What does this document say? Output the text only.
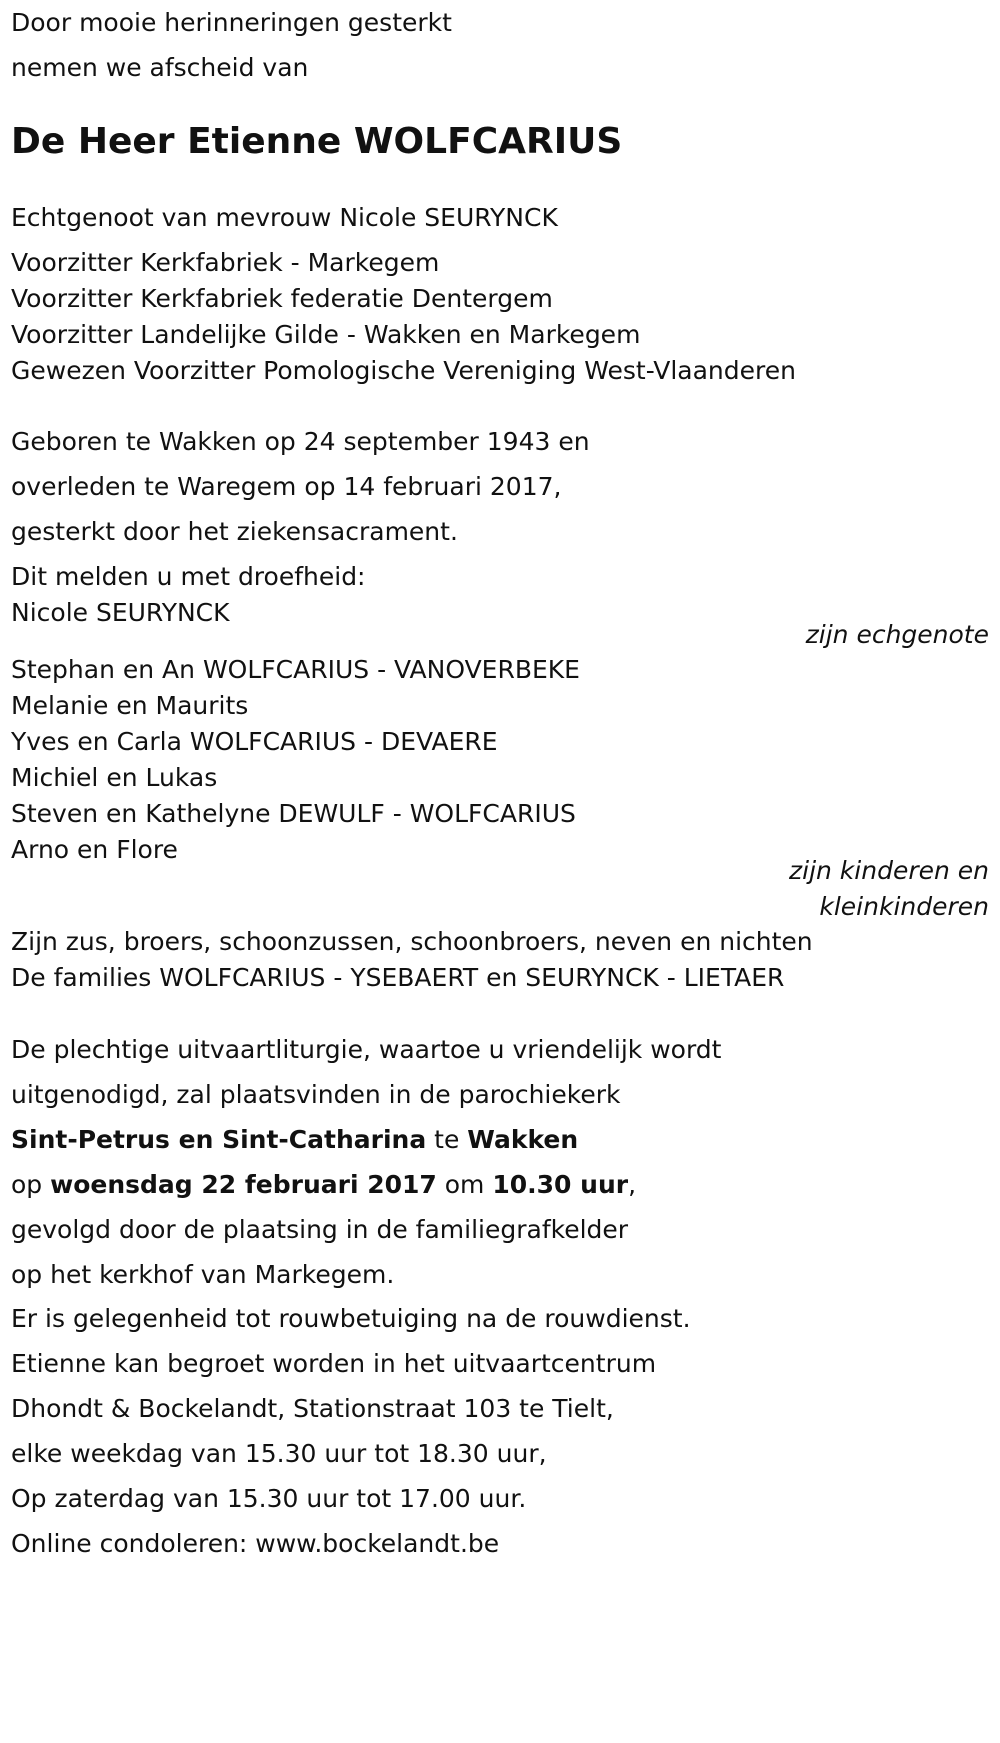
Door mooie herinneringen gesterkt
nemen we afscheid van
De Heer Etienne WOLFCARIUS
Echtgenoot van mevrouw Nicole SEURYNCK
Voorzitter Kerkfabriek - Markegem
Voorzitter Kerkfabriek federatie Dentergem
Voorzitter Landelijke Gilde - Wakken en Markegem
Gewezen Voorzitter Pomologische Vereniging West-Vlaanderen
Geboren te Wakken op 24 september 1943 en
overleden te Waregem op 14 februari 2017,
gesterkt door het ziekensacrament.
Dit melden u met droefheid:
Nicole SEURYNCK
zijn echgenote
Stephan en An WOLFCARIUS - VANOVERBEKE
Melanie en Maurits
Yves en Carla WOLFCARIUS - DEVAERE
Michiel en Lukas
Steven en Kathelyne DEWULF - WOLFCARIUS
Arno en Flore
zijn kinderen en
kleinkinderen
Zijn zus, broers, schoonzussen, schoonbroers, neven en nichten
De families WOLFCARIUS - YSEBAERT en SEURYNCK - LIETAER
De plechtige uitvaartliturgie, waartoe u vriendelijk wordt
uitgenodigd, zal plaatsvinden in de parochiekerk
Sint-Petrus en Sint-Catharina te Wakken
op woensdag 22 februari 2017 om 10.30 uur,
gevolgd door de plaatsing in de familiegrafkelder
op het kerkhof van Markegem.
Er is gelegenheid tot rouwbetuiging na de rouwdienst.
Etienne kan begroet worden in het uitvaartcentrum
Dhondt & Bockelandt, Stationstraat 103 te Tielt,
elke weekdag van 15.30 uur tot 18.30 uur,
Op zaterdag van 15.30 uur tot 17.00 uur.
Online condoleren: www.bockelandt.be
